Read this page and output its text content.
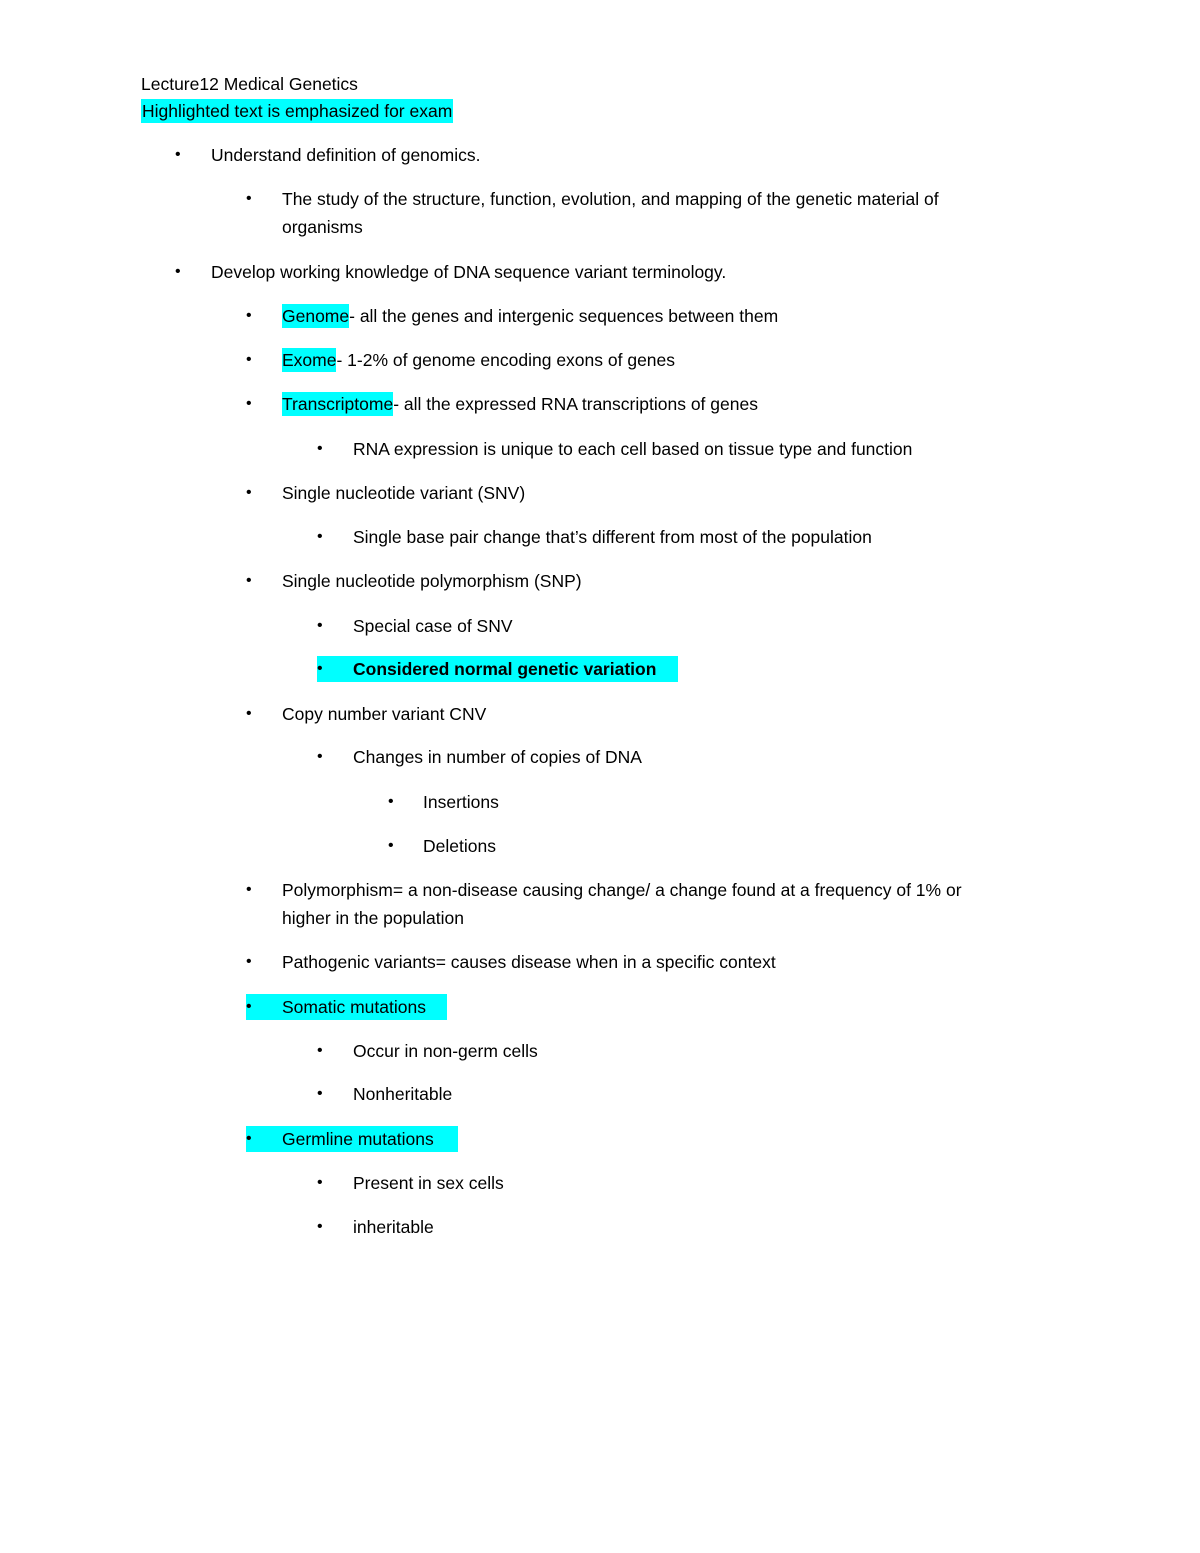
Lecture12 Medical Genetics
Highlighted text is emphasized for exam
• Understand definition of genomics.
• The study of the structure, function, evolution, and mapping of the genetic material of
organisms
• Develop working knowledge of DNA sequence variant terminology.
• Genome- all the genes and intergenic sequences between them
• Exome- 1-2% of genome encoding exons of genes
• Transcriptome- all the expressed RNA transcriptions of genes
• RNA expression is unique to each cell based on tissue type and function
• Single nucleotide variant (SNV)
• Single base pair change that’s different from most of the population
• Single nucleotide polymorphism (SNP)
• Special case of SNV
• Considered normal genetic variation
• Copy number variant CNV
• Changes in number of copies of DNA
• Insertions
• Deletions
• Polymorphism= a non-disease causing change/ a change found at a frequency of 1% or
higher in the population
• Pathogenic variants= causes disease when in a specific context
• Somatic mutations
• Occur in non-germ cells
• Nonheritable
• Germline mutations
• Present in sex cells
• inheritable
